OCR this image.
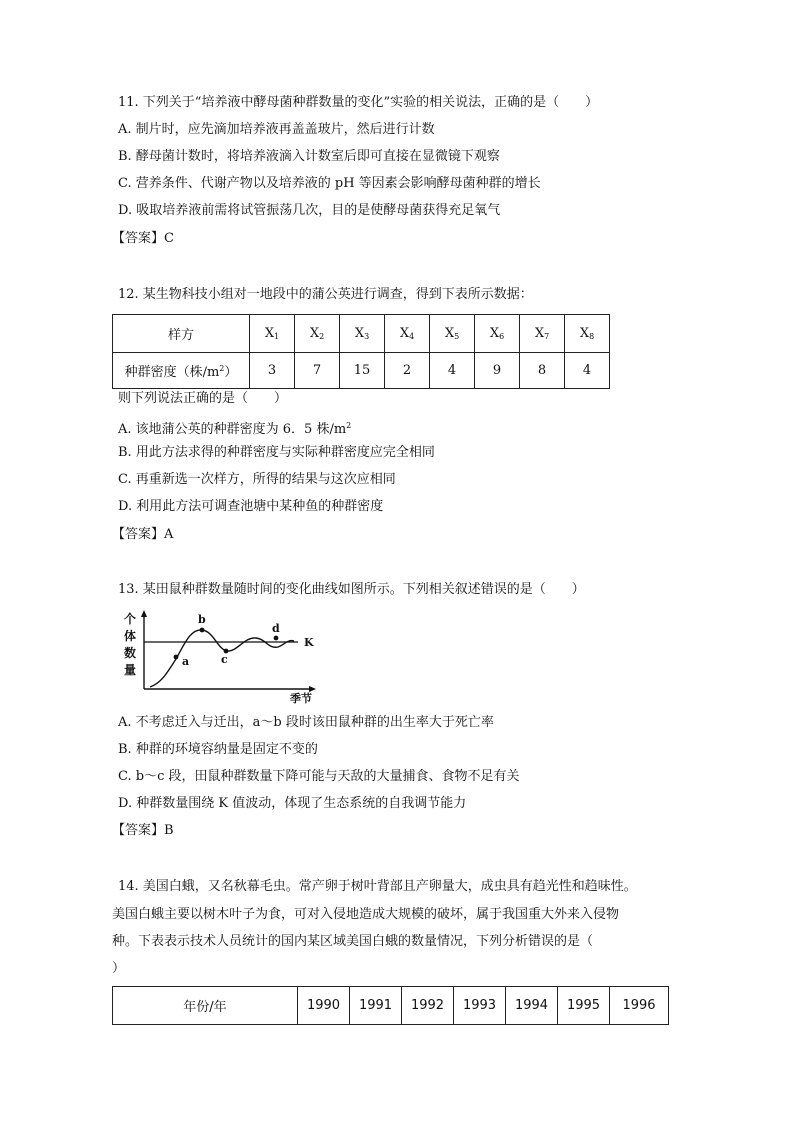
11. 下列关于“培养液中酵母菌种群数量的变化”实验的相关说法，正确的是（　　）
A. 制片时，应先滴加培养液再盖盖玻片，然后进行计数
B. 酵母菌计数时，将培养液滴入计数室后即可直接在显微镜下观察
C. 营养条件、代谢产物以及培养液的 pH 等因素会影响酵母菌种群的增长
D. 吸取培养液前需将试管振荡几次，目的是使酵母菌获得充足氧气
【答案】C
12. 某生物科技小组对一地段中的蒲公英进行调查，得到下表所示数据：
样方	$X_1$	$X_2$	$X_3$	$X_4$	$X_5$	$X_6$	$X_7$	$X_8$
种群密度（株$/m^2$）	3	7	15	2	4	9	8	4
则下列说法正确的是（　　）
A. 该地蒲公英的种群密度为 6．5 株$/m^2$
B. 用此方法求得的种群密度与实际种群密度应完全相同
C. 再重新选一次样方，所得的结果与这次应相同
D. 利用此方法可调查池塘中某种鱼的种群密度
【答案】A
13. 某田鼠种群数量随时间的变化曲线如图所示。下列相关叙述错误的是（　　）
个
体
数
量
K
a
b
c
d
季节
A. 不考虑迁入与迁出，a～b 段时该田鼠种群的出生率大于死亡率
B. 种群的环境容纳量是固定不变的
C. b～c 段，田鼠种群数量下降可能与天敌的大量捕食、食物不足有关
D. 种群数量围绕 K 值波动，体现了生态系统的自我调节能力
【答案】B
14. 美国白蛾，又名秋幕毛虫。常产卵于树叶背部且产卵量大，成虫具有趋光性和趋味性。
美国白蛾主要以树木叶子为食，可对入侵地造成大规模的破坏，属于我国重大外来入侵物
种。下表表示技术人员统计的国内某区域美国白蛾的数量情况，下列分析错误的是（
）
年份/年	1990	1991	1992	1993	1994	1995	1996
